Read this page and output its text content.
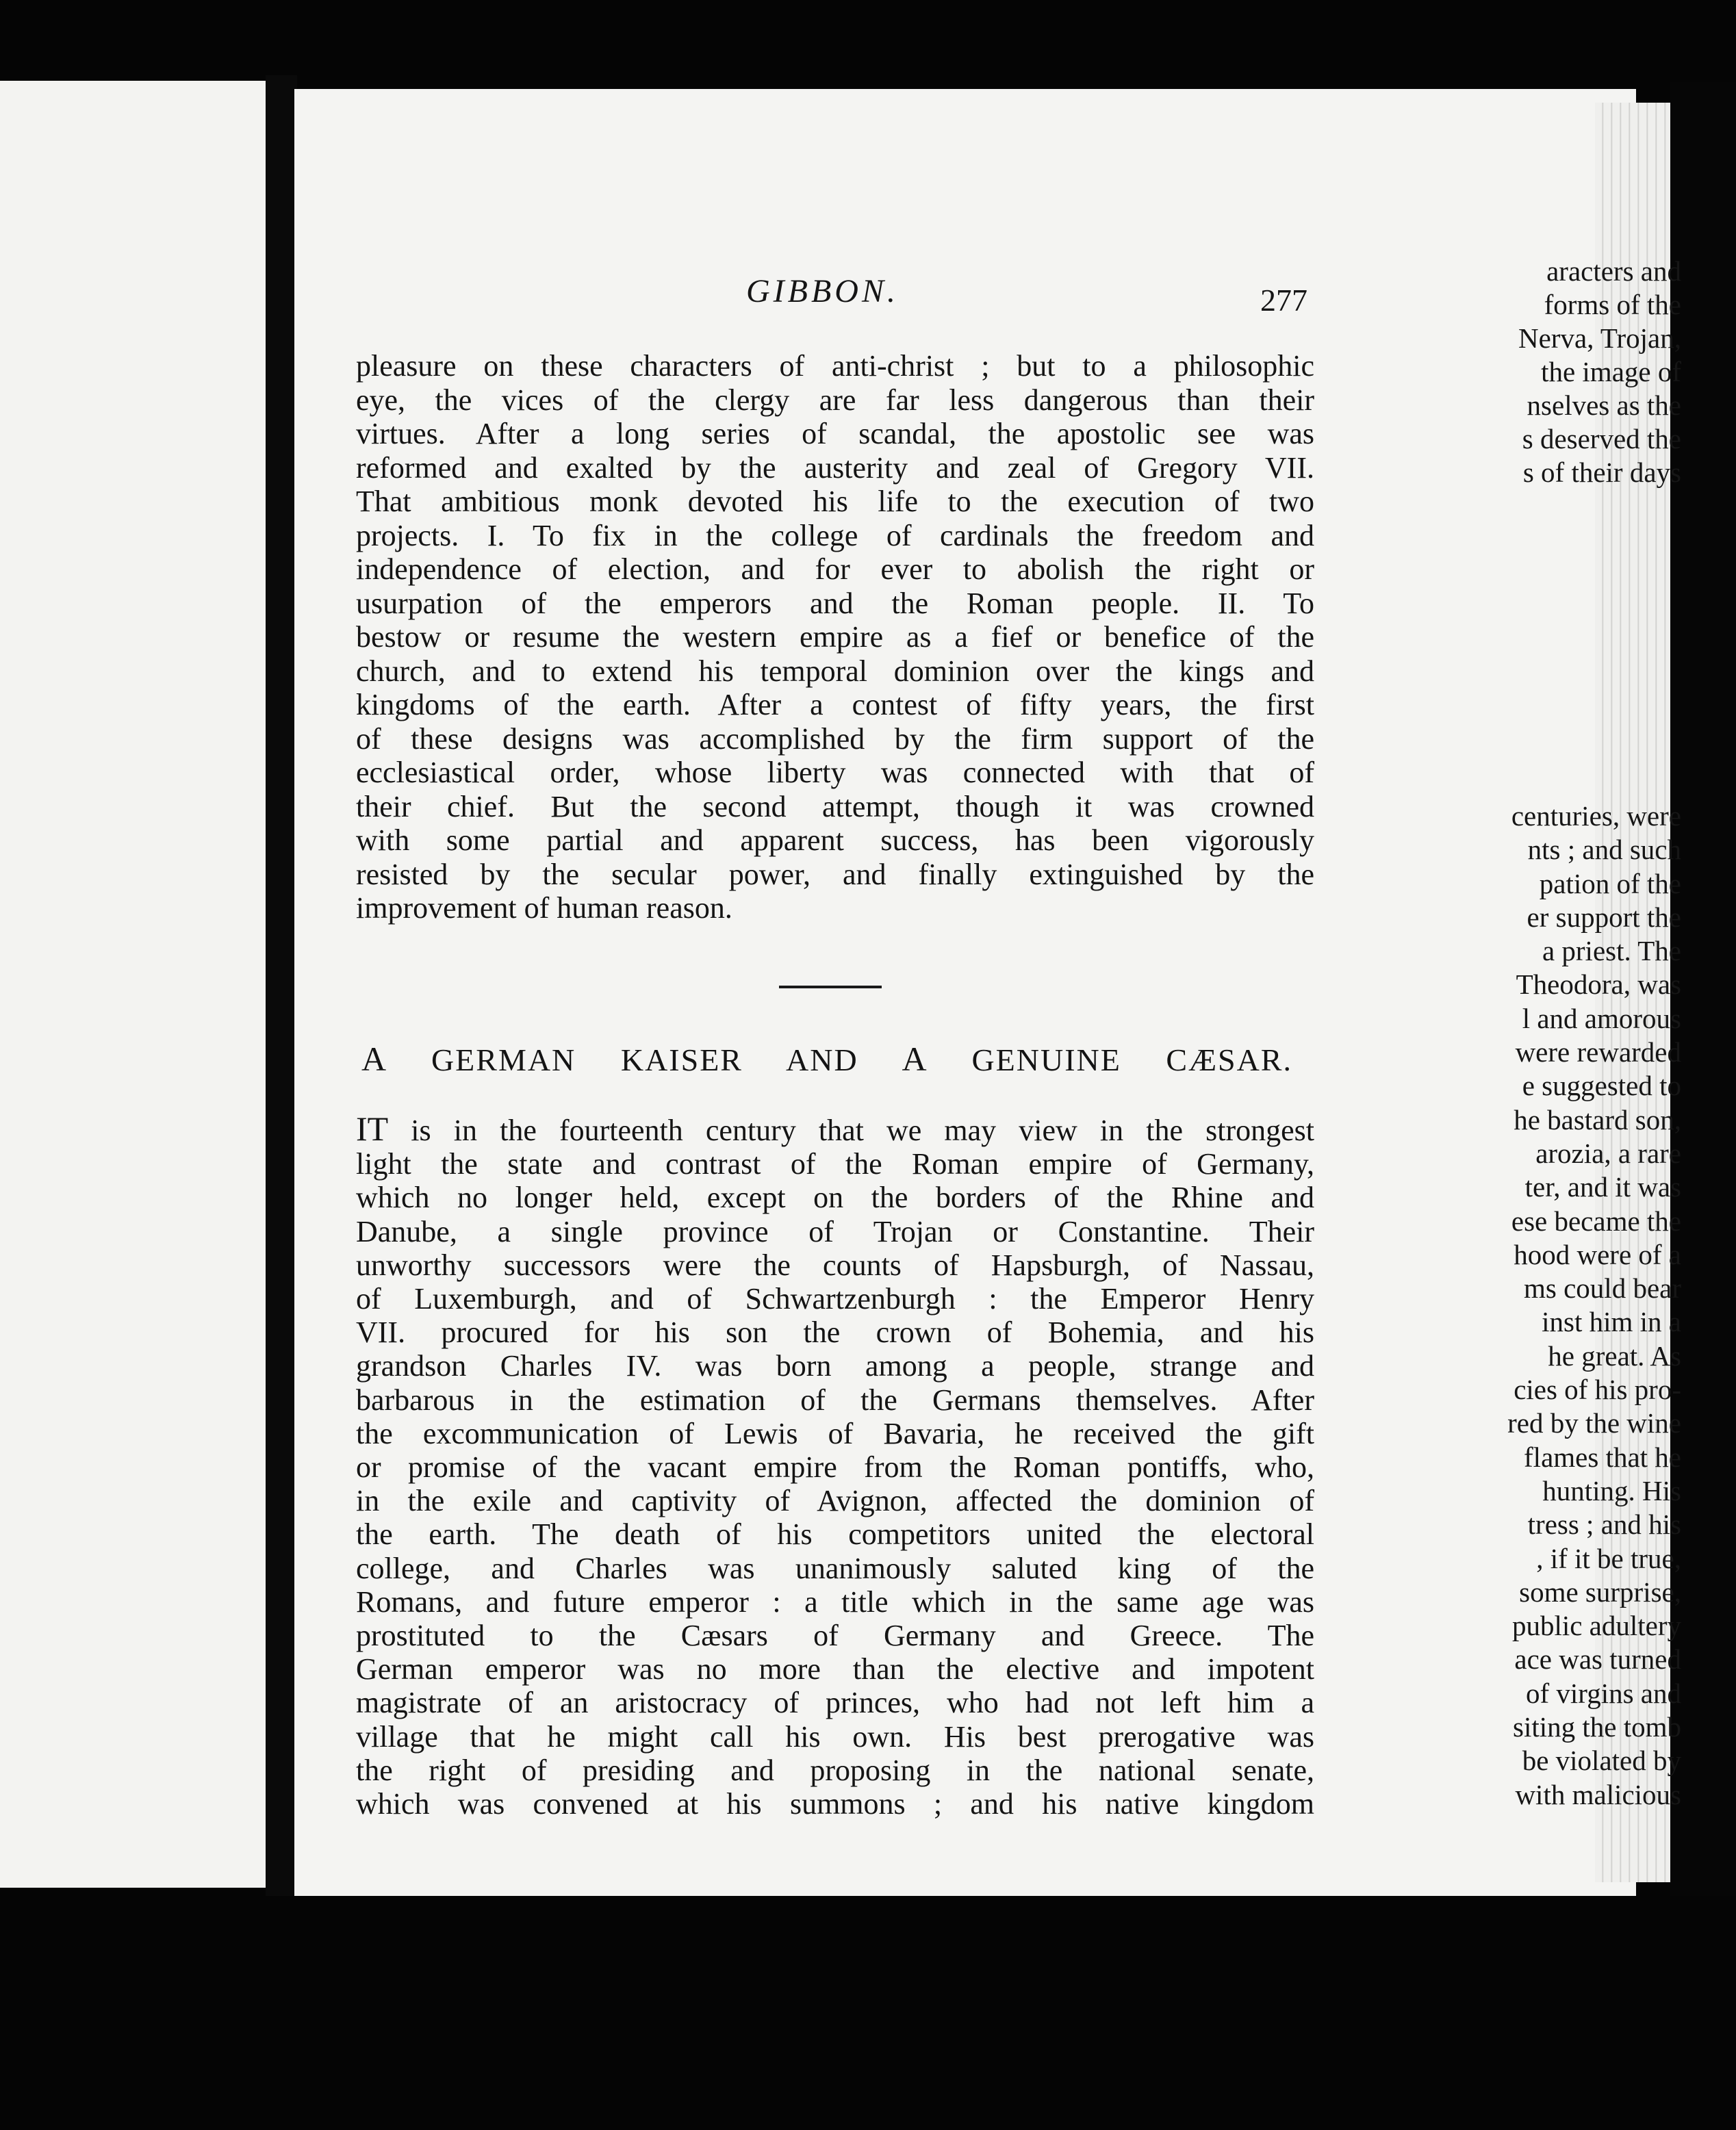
aracters and
forms of the
Nerva, Trojan,
the image of
nselves as the
s deserved the
s of their days
centuries, were
nts ; and such
pation of the
er support the
a priest. The
Theodora, was
l and amorous
were rewarded
e suggested to
he bastard son,
arozia, a rare
ter, and it was
ese became the
hood were of a
ms could bear
inst him in a
he great. As
cies of his pro-
red by the wine
flames that he
hunting. His
tress ; and his
, if it be true,
some surprise,
public adultery
ace was turned
of virgins and
siting the tomb
be violated by
with malicious
GIBBON.	277
pleasure on these characters of anti-christ ; but to a philosophic
eye, the vices of the clergy are far less dangerous than their
virtues. After a long series of scandal, the apostolic see was
reformed and exalted by the austerity and zeal of Gregory VII.
That ambitious monk devoted his life to the execution of two
projects. I. To fix in the college of cardinals the freedom and
independence of election, and for ever to abolish the right or
usurpation of the emperors and the Roman people. II. To
bestow or resume the western empire as a fief or benefice of the
church, and to extend his temporal dominion over the kings and
kingdoms of the earth. After a contest of fifty years, the first
of these designs was accomplished by the firm support of the
ecclesiastical order, whose liberty was connected with that of
their chief. But the second attempt, though it was crowned
with some partial and apparent success, has been vigorously
resisted by the secular power, and finally extinguished by the
improvement of human reason.
A GERMAN KAISER AND A GENUINE CÆSAR.
IT is in the fourteenth century that we may view in the strongest
light the state and contrast of the Roman empire of Germany,
which no longer held, except on the borders of the Rhine and
Danube, a single province of Trojan or Constantine. Their
unworthy successors were the counts of Hapsburgh, of Nassau,
of Luxemburgh, and of Schwartzenburgh : the Emperor Henry
VII. procured for his son the crown of Bohemia, and his
grandson Charles IV. was born among a people, strange and
barbarous in the estimation of the Germans themselves. After
the excommunication of Lewis of Bavaria, he received the gift
or promise of the vacant empire from the Roman pontiffs, who,
in the exile and captivity of Avignon, affected the dominion of
the earth. The death of his competitors united the electoral
college, and Charles was unanimously saluted king of the
Romans, and future emperor : a title which in the same age was
prostituted to the Cæsars of Germany and Greece. The
German emperor was no more than the elective and impotent
magistrate of an aristocracy of princes, who had not left him a
village that he might call his own. His best prerogative was
the right of presiding and proposing in the national senate,
which was convened at his summons ; and his native kingdom
